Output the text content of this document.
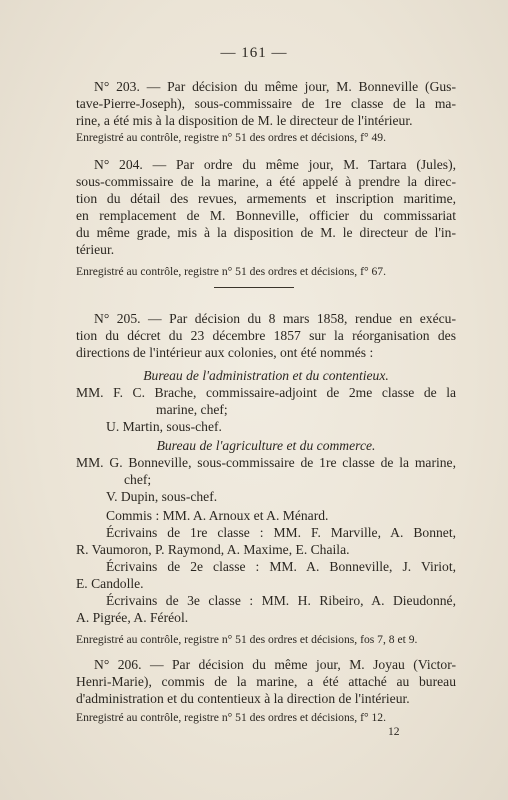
— 161 —
N° 203. — Par décision du même jour, M. Bonneville (Gus-
tave-Pierre-Joseph), sous-commissaire de 1re classe de la ma-
rine, a été mis à la disposition de M. le directeur de l'intérieur.
Enregistré au contrôle, registre n° 51 des ordres et décisions, f° 49.
N° 204. — Par ordre du même jour, M. Tartara (Jules),
sous-commissaire de la marine, a été appelé à prendre la direc-
tion du détail des revues, armements et inscription maritime,
en remplacement de M. Bonneville, officier du commissariat
du même grade, mis à la disposition de M. le directeur de l'in-
térieur.
Enregistré au contrôle, registre n° 51 des ordres et décisions, f° 67.
N° 205. — Par décision du 8 mars 1858, rendue en exécu-
tion du décret du 23 décembre 1857 sur la réorganisation des
directions de l'intérieur aux colonies, ont été nommés :
Bureau de l'administration et du contentieux.
MM. F. C. Brache, commissaire-adjoint de 2me classe de la
marine, chef;
U. Martin, sous-chef.
Bureau de l'agriculture et du commerce.
MM. G. Bonneville, sous-commissaire de 1re classe de la marine,
chef;
V. Dupin, sous-chef.
Commis : MM. A. Arnoux et A. Ménard.
Écrivains de 1re classe : MM. F. Marville, A. Bonnet,
R. Vaumoron, P. Raymond, A. Maxime, E. Chaila.
Écrivains de 2e classe : MM. A. Bonneville, J. Viriot,
E. Candolle.
Écrivains de 3e classe : MM. H. Ribeiro, A. Dieudonné,
A. Pigrée, A. Féréol.
Enregistré au contrôle, registre n° 51 des ordres et décisions, fos 7, 8 et 9.
N° 206. — Par décision du même jour, M. Joyau (Victor-
Henri-Marie), commis de la marine, a été attaché au bureau
d'administration et du contentieux à la direction de l'intérieur.
Enregistré au contrôle, registre n° 51 des ordres et décisions, f° 12.
12
